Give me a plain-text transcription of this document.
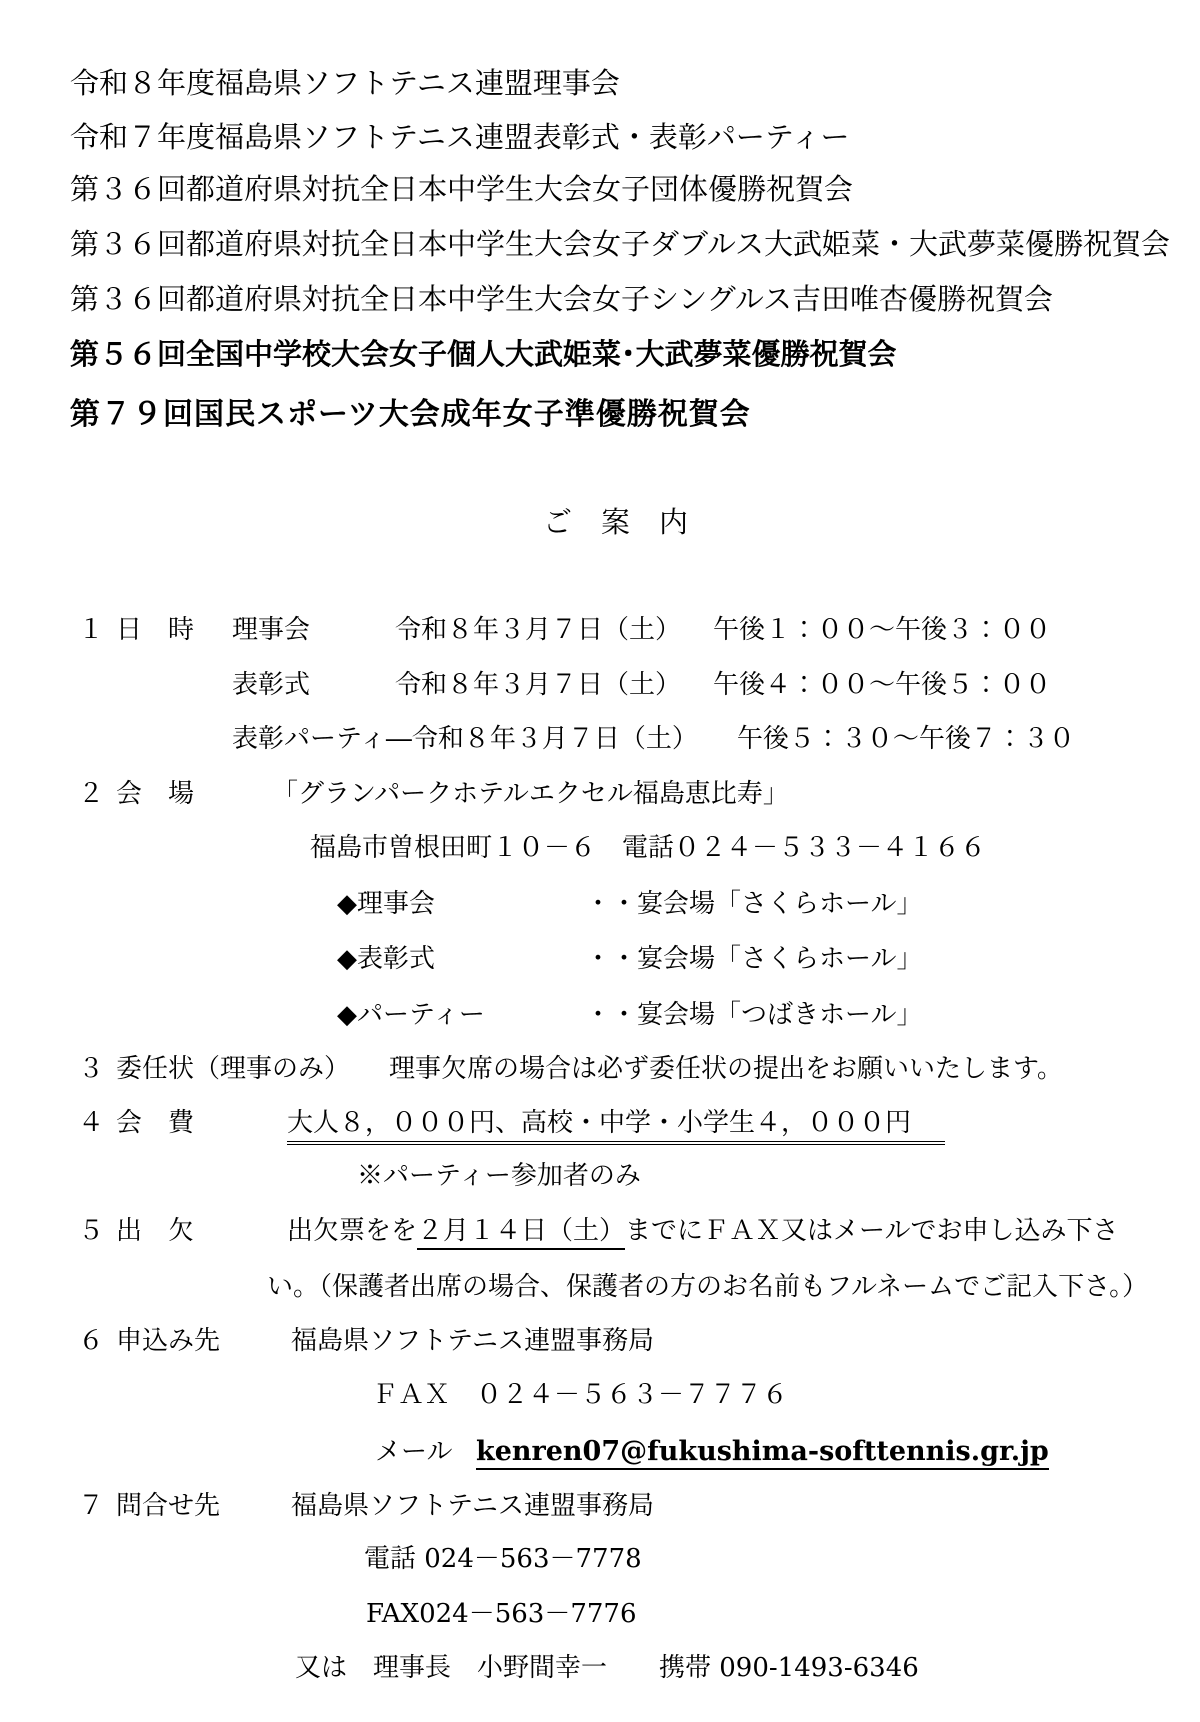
令和８年度福島県ソフトテニス連盟理事会
令和７年度福島県ソフトテニス連盟表彰式・表彰パーティー
第３６回都道府県対抗全日本中学生大会女子団体優勝祝賀会
第３６回都道府県対抗全日本中学生大会女子ダブルス大武姫菜・大武夢菜優勝祝賀会
第３６回都道府県対抗全日本中学生大会女子シングルス吉田唯杏優勝祝賀会
第５６回全国中学校大会女子個人大武姫菜･大武夢菜優勝祝賀会
第７９回国民スポーツ大会成年女子準優勝祝賀会
ご　案　内
１ 日　時 理事会	令和８年３月７日（土） 午後１：００～午後３：００
表彰式	令和８年３月７日（土） 午後４：００～午後５：００
表彰パーティ―令和８年３月７日（土）　　午後５：３０～午後７：３０
２ 会　場	「グランパークホテルエクセル福島恵比寿」
福島市曽根田町１０－６　電話０２４－５３３－４１６６
◆理事会	・・宴会場「さくらホール」
◆表彰式	・・宴会場「さくらホール」
◆パーティー	・・宴会場「つばきホール」
３ 委任状（理事のみ） 理事欠席の場合は必ず委任状の提出をお願いいたします。
４ 会　費	大人８，０００円、高校・中学・小学生４，０００円
※パーティー参加者のみ
５ 出　欠	出欠票をを２月１４日（土）までにＦＡＸ又はメールでお申し込み下さ
い。（保護者出席の場合、保護者の方のお名前もフルネームでご記入下さ。）
６ 申込み先	福島県ソフトテニス連盟事務局
ＦＡＸ　０２４－５６３－７７７６
メール kenren07@fukushima-softtennis.gr.jp
７ 問合せ先	福島県ソフトテニス連盟事務局
電話 024－563－7778
FAX024－563－7776
又は　理事長　小野間幸一　　携帯 090-1493-6346
